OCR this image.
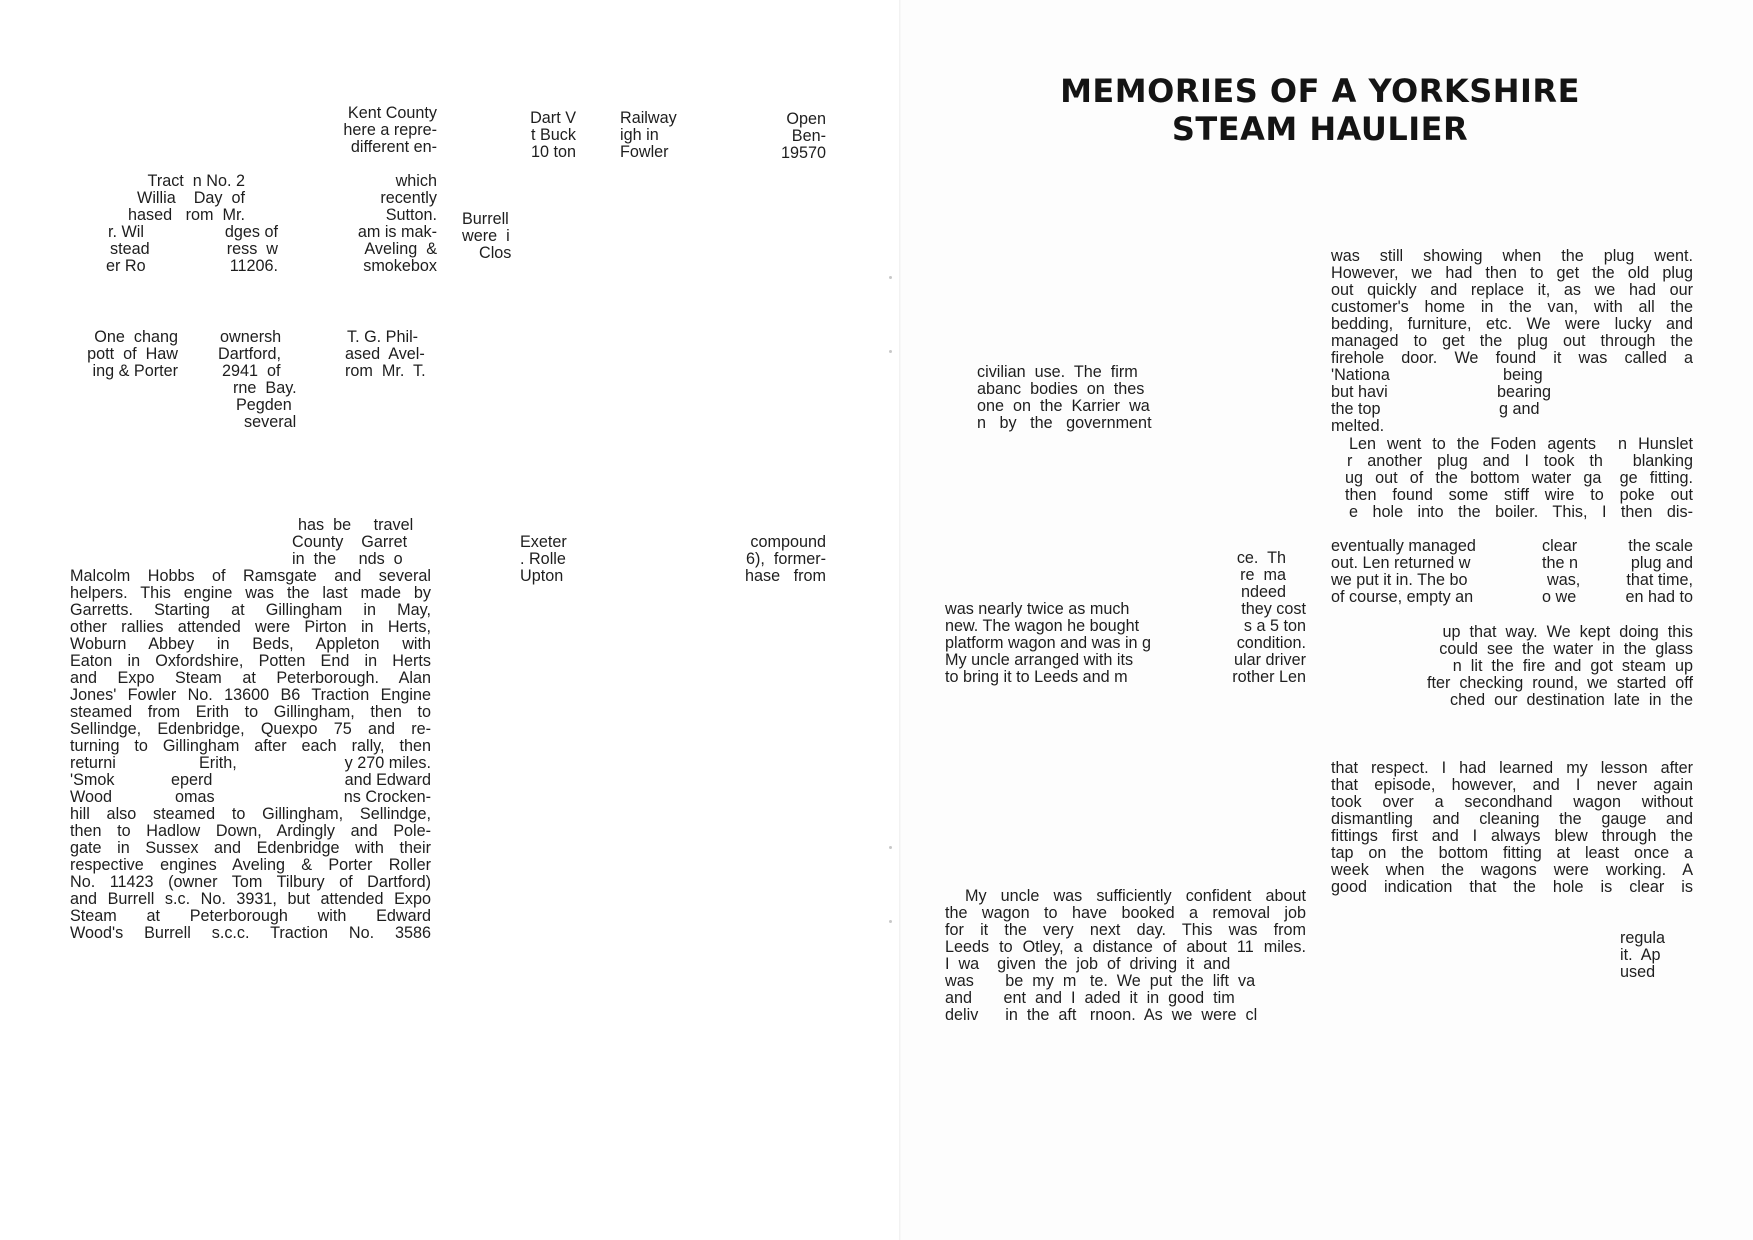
MEMORIES OF A YORKSHIRE
STEAM HAULIER
Kent County
here a repre-
different en-
Dart V
t Buck
10 ton
Railway
igh in
Fowler
Open
Ben-
19570
Tract  n No. 2
Willia    Day  of
hased   rom  Mr.
r. Wil
stead
er Ro
dges of
ress  w
11206.
which
recently
Sutton.
am is mak-
Aveling  &
smokebox
Burrell
were  i
Clos
One  chang
pott  of  Haw
ing & Porter
ownersh
Dartford,
2941  of
rne  Bay.
Pegden
several
T. G. Phil-
ased  Avel-
rom  Mr.  T.
has  be     travel
County    Garret
in  the     nds  o
Malcolm  Hobbs  of  Ramsgate  and  several
helpers.  This  engine  was  the  last  made  by
Garretts.  Starting  at  Gillingham  in  May,
other  rallies  attended  were  Pirton  in  Herts,
Woburn  Abbey  in  Beds,  Appleton  with
Eaton  in  Oxfordshire,  Potten  End  in  Herts
and  Expo  Steam  at  Peterborough.  Alan
Jones'  Fowler  No.  13600  B6  Traction  Engine
steamed  from  Erith  to  Gillingham,  then  to
Sellindge,  Edenbridge,  Quexpo  75  and  re-
turning  to  Gillingham  after  each  rally,  then
returni	Erith,	y 270 miles.
'Smok	eperd	and Edward
Wood	omas	ns Crocken-
hill  also  steamed  to  Gillingham,  Sellindge,
then  to  Hadlow  Down,  Ardingly  and  Pole-
gate  in  Sussex  and  Edenbridge  with  their
respective  engines  Aveling  &  Porter  Roller
No.  11423  (owner  Tom  Tilbury  of  Dartford)
and  Burrell  s.c.  No.  3931,  but  attended  Expo
Steam    at    Peterborough    with    Edward
Wood's  Burrell  s.c.c.  Traction  No.  3586
Exeter
. Rolle
Upton
compound
6),  former-
hase   from
civilian  use.  The  firm
abanc  bodies  on  thes
one  on  the  Karrier  wa
n   by   the   government
ce.  Th
re  ma
ndeed
was nearly twice as much	they cost
new. The wagon he bought	s a 5 ton
platform wagon and was in g	condition.
My uncle arranged with its	ular driver
to bring it to Leeds and m	rother Len
My  uncle  was  sufficiently  confident  about
the  wagon  to  have  booked  a  removal  job
for  it  the  very  next  day.  This  was  from
Leeds  to  Otley,  a  distance  of  about  11  miles.
I  wa    given  the  job  of  driving  it  and
was       be  my  m   te.  We  put  the  lift  va
and       ent  and  I  aded  it  in  good  tim
deliv      in  the  aft   rnoon.  As  we  were  cl
was  still  showing  when  the  plug  went.
However,  we  had  then  to  get  the  old  plug
out  quickly  and  replace  it,  as  we  had  our
customer's  home  in  the  van,  with  all  the
bedding,  furniture,  etc.  We  were  lucky  and
managed  to  get  the  plug  out  through  the
firehole  door.  We  found  it  was  called  a
'Nationa	being
but havi	bearing
the top	g and
melted.
Len  went  to  the  Foden  agents    n  Hunslet
r  another  plug  and  I  took  th    blanking
ug  out  of  the  bottom  water  ga   ge  fitting.
then  found  some  stiff  wire  to  poke  out
e  hole  into  the  boiler.  This,  I  then  dis-
eventually managed	clear	the scale
out. Len returned w	the n	plug and
we put it in. The bo	was,	that time,
of course, empty an	o we	en had to
up  that  way.  We  kept  doing  this
could  see  the  water  in  the  glass
n  lit  the  fire  and  got  steam  up
fter  checking  round,  we  started  off
ched  our  destination  late  in  the
that  respect.  I  had  learned  my  lesson  after
that  episode,  however,  and  I  never  again
took  over  a  secondhand  wagon  without
dismantling  and  cleaning  the  gauge  and
fittings  first  and  I  always  blew  through  the
tap  on  the  bottom  fitting  at  least  once  a
week  when  the  wagons  were  working.  A
good  indication  that  the  hole  is  clear  is
regula
it.  Ap
used
